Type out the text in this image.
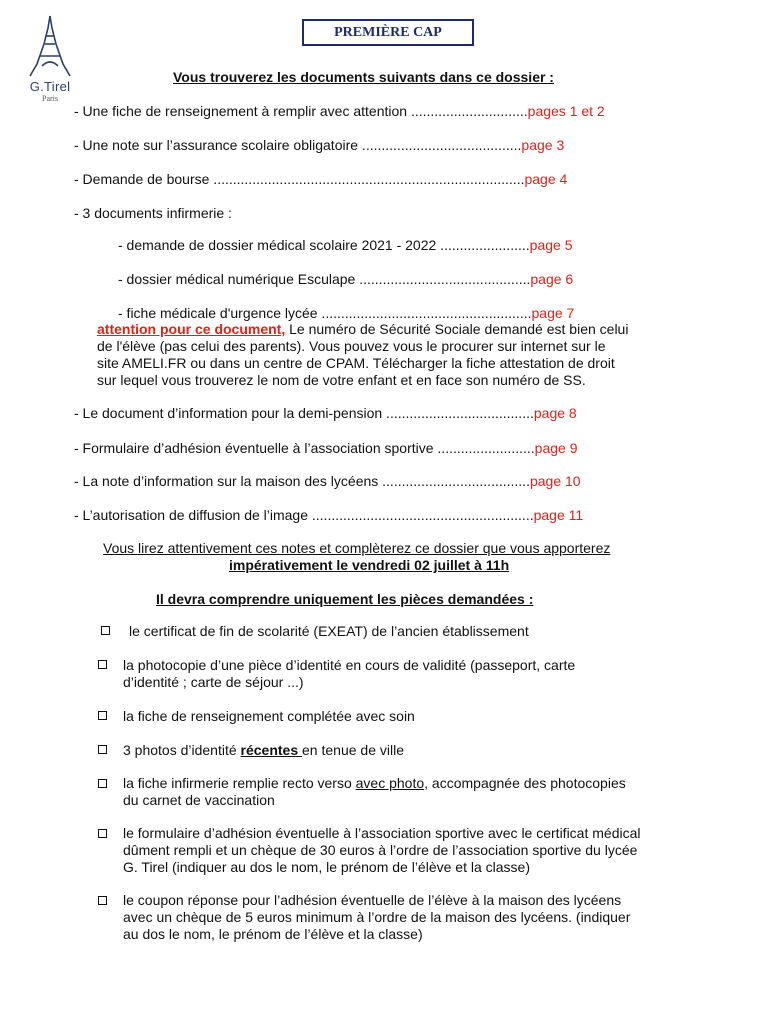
G.Tirel
Paris
PREMIÈRE CAP
Vous trouverez les documents suivants dans ce dossier :
- Une fiche de renseignement à remplir avec attention ..............................pages 1 et 2
- Une note sur l’assurance scolaire obligatoire .........................................page 3
- Demande de bourse ................................................................................page 4
- 3 documents infirmerie :
- demande de dossier médical scolaire 2021 - 2022 .......................page 5
- dossier médical numérique Esculape ............................................page 6
- fiche médicale d'urgence lycée ......................................................page 7
attention pour ce document, Le numéro de Sécurité Sociale demandé est bien celui
de l'élève (pas celui des parents). Vous pouvez vous le procurer sur internet sur le
site AMELI.FR ou dans un centre de CPAM. Télécharger la fiche attestation de droit
sur lequel vous trouverez le nom de votre enfant et en face son numéro de SS.
- Le document d’information pour la demi-pension ......................................page 8
- Formulaire d’adhésion éventuelle à l’association sportive .........................page 9
- La note d’information sur la maison des lycéens ......................................page 10
- L’autorisation de diffusion de l’image .........................................................page 11
Vous lirez attentivement ces notes et complèterez ce dossier que vous apporterez
impérativement le vendredi 02 juillet à 11h
Il devra comprendre uniquement les pièces demandées :
le certificat de fin de scolarité (EXEAT) de l’ancien établissement
la photocopie d’une pièce d’identité en cours de validité (passeport, carte
d’identité ; carte de séjour ...)
la fiche de renseignement complétée avec soin
3 photos d’identité récentes en tenue de ville
la fiche infirmerie remplie recto verso avec photo, accompagnée des photocopies
du carnet de vaccination
le formulaire d’adhésion éventuelle à l’association sportive avec le certificat médical
dûment rempli et un chèque de 30 euros à l’ordre de l’association sportive du lycée
G. Tirel (indiquer au dos le nom, le prénom de l’élève et la classe)
le coupon réponse pour l’adhésion éventuelle de l’élève à la maison des lycéens
avec un chèque de 5 euros minimum à l’ordre de la maison des lycéens. (indiquer
au dos le nom, le prénom de l’élève et la classe)
